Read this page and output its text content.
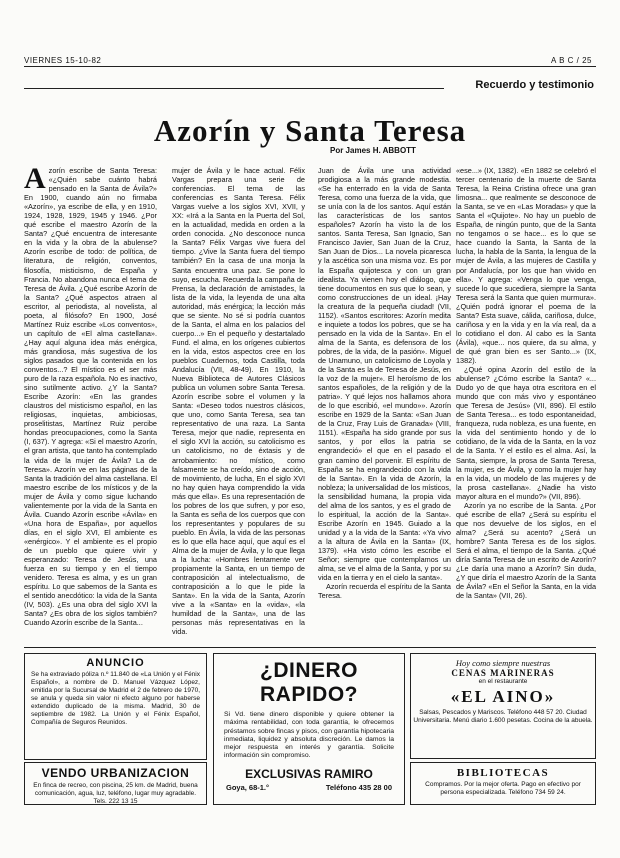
VIERNES 15-10-82	A B C / 25
Recuerdo y testimonio
Azorín y Santa Teresa
Por James H. ABBOTT

Azorín escribe de Santa Teresa: «¿Quién sabe cuánto habrá pensado en la Santa de Ávila?» En 1900, cuando aún no firmaba «Azorín», ya escribe de ella, y en 1910, 1924, 1928, 1929, 1945 y 1946. ¿Por qué escribe el maestro Azorín de la Santa? ¿Qué encuentra de interesante en la vida y la obra de la abulense? Azorín escribe de todo: de política, de literatura, de religión, conventos, filosofía, misticismo, de España y Francia. No abandona nunca el tema de Teresa de Ávila. ¿Qué escribe Azorín de la Santa? ¿Qué aspectos atraen al escritor, al periodista, al novelista, al poeta, al filósofo? En 1900, José Martínez Ruiz escribe «Los conventos», un capítulo de «El alma castellana». ¿Hay aquí alguna idea más enérgica, más grandiosa, más sugestiva de los siglos pasados que la contenida en los conventos...? El místico es el ser más puro de la raza española. No es inactivo, sino sutilmente activo. ¿Y la Santa? Escribe Azorín: «En las grandes claustros del misticismo español, en las religiosas, inquietas, ambiciosas, proselitistas, Martínez Ruiz percibe hondas preocupaciones, como la Santa (I, 637). Y agrega: «Si el maestro Azorín, el gran artista, que tanto ha contemplado la vida de la mujer de Ávila? La de Teresa». Azorín ve en las páginas de la Santa la tradición del alma castellana. El maestro escribe de los místicos y de la mujer de Ávila y como sigue luchando valientemente por la vida de la Santa en Ávila. Cuando Azorín escribe «Ávila» en «Una hora de España», por aquellos días, en el siglo XVI, El ambiente es «enérgico». Y el ambiente es el propio de un pueblo que quiere vivir y esperanzado: Teresa de Jesús, una fuerza en su tiempo y en el tiempo venidero. Teresa es alma, y es un gran espíritu. Lo que sabemos de la Santa es el sentido anecdótico: la vida de la Santa (IV, 503). ¿Es una obra del siglo XVI la Santa? ¿Es obra de los siglos también? Cuando Azorín escribe de la Santa...

mujer de Ávila y le hace actual. Félix Vargas prepara una serie de conferencias. El tema de las conferencias es Santa Teresa. Félix Vargas vuelve a los siglos XVI, XVII, y XX: «Irá a la Santa en la Puerta del Sol, en la actualidad, medida en orden a la orden conocida. ¿No desconoce nunca la Santa? Félix Vargas vive fuera del tiempo. ¿Vive la Santa fuera del tiempo también? En la casa de una monja la Santa encuentra una paz. Se pone lo suyo, escucha. Recuerda la campaña de Prensa, la declaración de amistades, la lista de la vida, la leyenda de una alta autoridad, más enérgica; la lección más que se siente. No sé si podría cuantos de la Santa, el alma en los palacios del cuerpo...» En el pequeño y destartalado Fund. el alma, en los orígenes cubiertos en la vida, estos aspectos cree en los pueblos Cuadernos, toda Castilla, toda Andalucía (VII, 48-49). En 1910, la Nueva Biblioteca de Autores Clásicos publica un volumen sobre Santa Teresa. Azorín escribe sobre el volumen y la Santa: «Deseo todos nuestros clásicos, que uno, como Santa Teresa, sea tan representativo de una raza. La Santa Teresa, mejor que nadie, representa en el siglo XVI la acción, su catolicismo es un catolicismo, no de éxtasis y de arrobamiento: no místico, como falsamente se ha creído, sino de acción, de movimiento, de lucha, En el siglo XVI no hay quien haya comprendido la vida más que ella». Es una representación de los pobres de los que sufren, y por eso, la Santa es seña de los cuerpos que con los representantes y populares de su pueblo. En Ávila, la vida de las personas es lo que ella hace aquí, que aquí es el Alma de la mujer de Ávila, y lo que llega a la lucha: «Hombres lentamente ver propiamente la Santa, en un tiempo de contraposición al intelectualismo, de contraposición a lo que le pide la Santa». En la vida de la Santa, Azorín vive a la «Santa» en la «vida», «la humildad de la Santa», una de las personas más representativas en la vida.

Juan de Ávila une una actividad prodigiosa a la más grande modestia. «Se ha enterrado en la vida de Santa Teresa, como una fuerza de la vida, que se unía con la de los santos. Aquí están las características de los santos españoles? Azorín ha visto la de los santos. Santa Teresa, San Ignacio, San Francisco Javier, San Juan de la Cruz, San Juan de Dios... La novela picaresca y la ascética son una misma voz. Es por la España quijotesca y con un gran idealista. Ya vienen hoy el diálogo, que tiene documentos en sus que lo sean, y como construcciones de un ideal. ¡Hay la creatura de la pequeña ciudad! (VII, 1152). «Santos escritores: Azorín medita e inquiete a todos los pobres, que se ha pensado en la vida de la Santa». En el alma de la Santa, es defensora de los pobres, de la vida, de la pasión». Miguel de Unamuno, un catolicismo de Loyola y de la Santa es la de Teresa de Jesús, en la voz de la mujer». El heroísmo de los santos españoles, de la religión y de la patria». Y qué lejos nos hallamos ahora de lo que escribió, «el mundo»». Azorín escribe en 1929 de la Santa: «San Juan de la Cruz, Fray Luis de Granada» (VIII, 1151). «España ha sido grande por sus santos, y por ellos la patria se engrandeció» el que en el pasado el gran camino del porvenir. El espíritu de España se ha engrandecido con la vida de la Santa». En la vida de Azorín, la nobleza; la universalidad de los místicos, la sensibilidad humana, la propia vida del alma de los santos, y es el grado de lo espiritual, la acción de la Santa». Escribe Azorín en 1945. Guiado a la unidad y a la vida de la Santa: «Ya vivo a la altura de Ávila en la Santa» (IX, 1379). «Ha visto cómo les escribe el Señor; siempre que contemplamos un alma, se ve el alma de la Santa, y por su vida en la tierra y en el cielo la santa».

Azorín recuerda el espíritu de la Santa Teresa.

«ese...» (IX, 1382). «En 1882 se celebró el tercer centenario de la muerte de Santa Teresa, la Reina Cristina ofrece una gran limosna... que realmente se desconoce de la Santa, se ve en «Las Moradas» y que la Santa el «Quijote». No hay un pueblo de España, de ningún punto, que de la Santa no tengamos o se hace... es lo que se hace cuando la Santa, la Santa de la lucha, la habla de la Santa, la lengua de la mujer de Ávila, a las mujeres de Castilla y por Andalucía, por los que han vivido en ella». Y agrega: «Venga lo que venga, sucede lo que sucediera, siempre la Santa Teresa será la Santa que quien murmura». ¿Quién podrá ignorar el poema de la Santa? Esta suave, cálida, cariñosa, dulce, cariñosa y en la vida y en la vía real, da a lo cotidiano el don. Al cabo es la Santa (Ávila), «que... nos quiere, da su alma, y de qué gran bien es ser Santo...» (IX, 1382).

¿Qué opina Azorín del estilo de la abulense? ¿Cómo escribe la Santa? «... Dudo yo de que haya otra escritora en el mundo que con más vivo y espontáneo que Teresa de Jesús» (VII, 896). El estilo de Santa Teresa... es todo espontaneidad, franqueza, ruda nobleza, es una fuente, en la vida del sentimiento hondo y de lo cotidiano, de la vida de la Santa, en la voz de la Santa. Y el estilo es el alma. Así, la Santa, siempre, la prosa de Santa Teresa, la mujer, es de Ávila, y como la mujer hay en la vida, un modelo de las mujeres y de la prosa castellana». ¿Nadie ha visto mayor altura en el mundo?» (VII, 896).

Azorín ya no escribe de la Santa. ¿Por qué escribe de ella? ¿Será su espíritu el que nos devuelve de los siglos, en el alma? ¿Será su acento? ¿Será un hombre? Santa Teresa es de los siglos. Será el alma, el tiempo de la Santa. ¿Qué diría Santa Teresa de un escrito de Azorín? ¿Le daría una mano a Azorín? Sin duda, ¿Y que diría el maestro Azorín de la Santa de Ávila? «En el Señor la Santa, en la vida de la Santa» (VII, 26).

ANUNCIO
Se ha extraviado póliza n.º 11.840 de «La Unión y el Fénix Español», a nombre de D. Manuel Vázquez López, emitida por la Sucursal de Madrid el 2 de febrero de 1970, se anula y queda sin valor ni efecto alguno por haberse extendido duplicado de la misma. Madrid, 30 de septiembre de 1982. La Unión y el Fénix Español, Compañía de Seguros Reunidos.
VENDO URBANIZACION
En finca de recreo, con piscina, 25 km. de Madrid, buena comunicación, agua, luz, teléfono, lugar muy agradable. Tels. 222 13 15
¿DINERO RAPIDO?
Si Vd. tiene dinero disponible y quiere obtener la máxima rentabilidad, con toda garantía, le ofrecemos préstamos sobre fincas y pisos, con garantía hipotecaria inmediata, liquidez y absoluta discreción. Le damos la mejor respuesta en interés y garantía. Solicite información sin compromiso.
EXCLUSIVAS RAMIRO
Goya, 68-1.°	Teléfono 435 28 00
Hoy como siempre nuestras
CENAS MARINERAS
en el restaurante
«EL AINO»
Salsas, Pescados y Mariscos. Teléfono 448 57 20. Ciudad Universitaria. Menú diario 1.600 pesetas. Cocina de la abuela.
BIBLIOTECAS
Compramos. Por la mejor oferta. Pago en efectivo por persona especializada. Teléfono 734 59 24.
